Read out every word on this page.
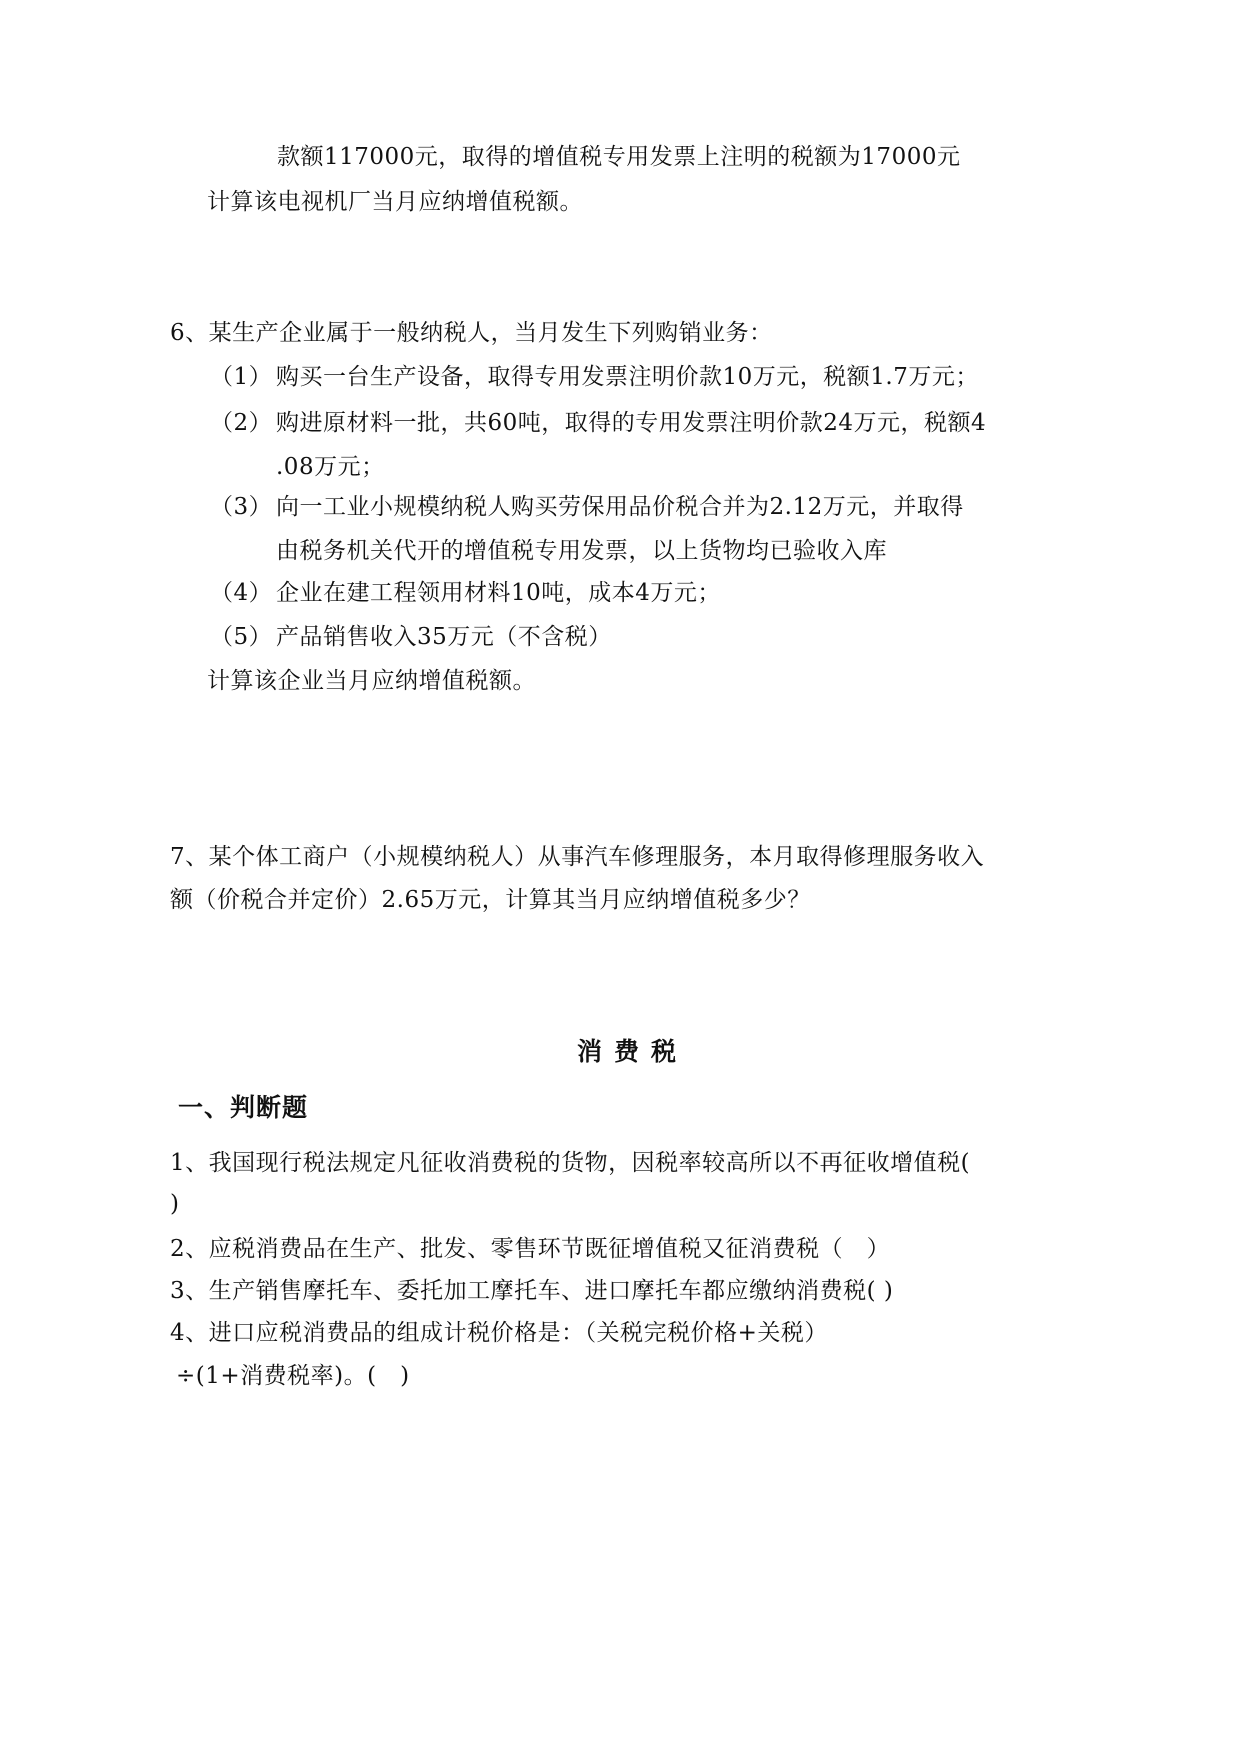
款额117000元，取得的增值税专用发票上注明的税额为17000元
计算该电视机厂当月应纳增值税额。
6、某生产企业属于一般纳税人，当月发生下列购销业务：
（1） 购买一台生产设备，取得专用发票注明价款10万元，税额1.7万元；
（2） 购进原材料一批，共60吨，取得的专用发票注明价款24万元，税额4
.08万元；
（3） 向一工业小规模纳税人购买劳保用品价税合并为2.12万元，并取得
由税务机关代开的增值税专用发票，以上货物均已验收入库
（4） 企业在建工程领用材料10吨，成本4万元；
（5） 产品销售收入35万元（不含税）
计算该企业当月应纳增值税额。
7、某个体工商户（小规模纳税人）从事汽车修理服务，本月取得修理服务收入
额（价税合并定价）2.65万元，计算其当月应纳增值税多少？
消费税
一、判断题
1、我国现行税法规定凡征收消费税的货物，因税率较高所以不再征收增值税(
)
2、应税消费品在生产、批发、零售环节既征增值税又征消费税（　）
3、生产销售摩托车、委托加工摩托车、进口摩托车都应缴纳消费税( )
4、进口应税消费品的组成计税价格是：（关税完税价格+关税）
÷(1+消费税率)。(　)
